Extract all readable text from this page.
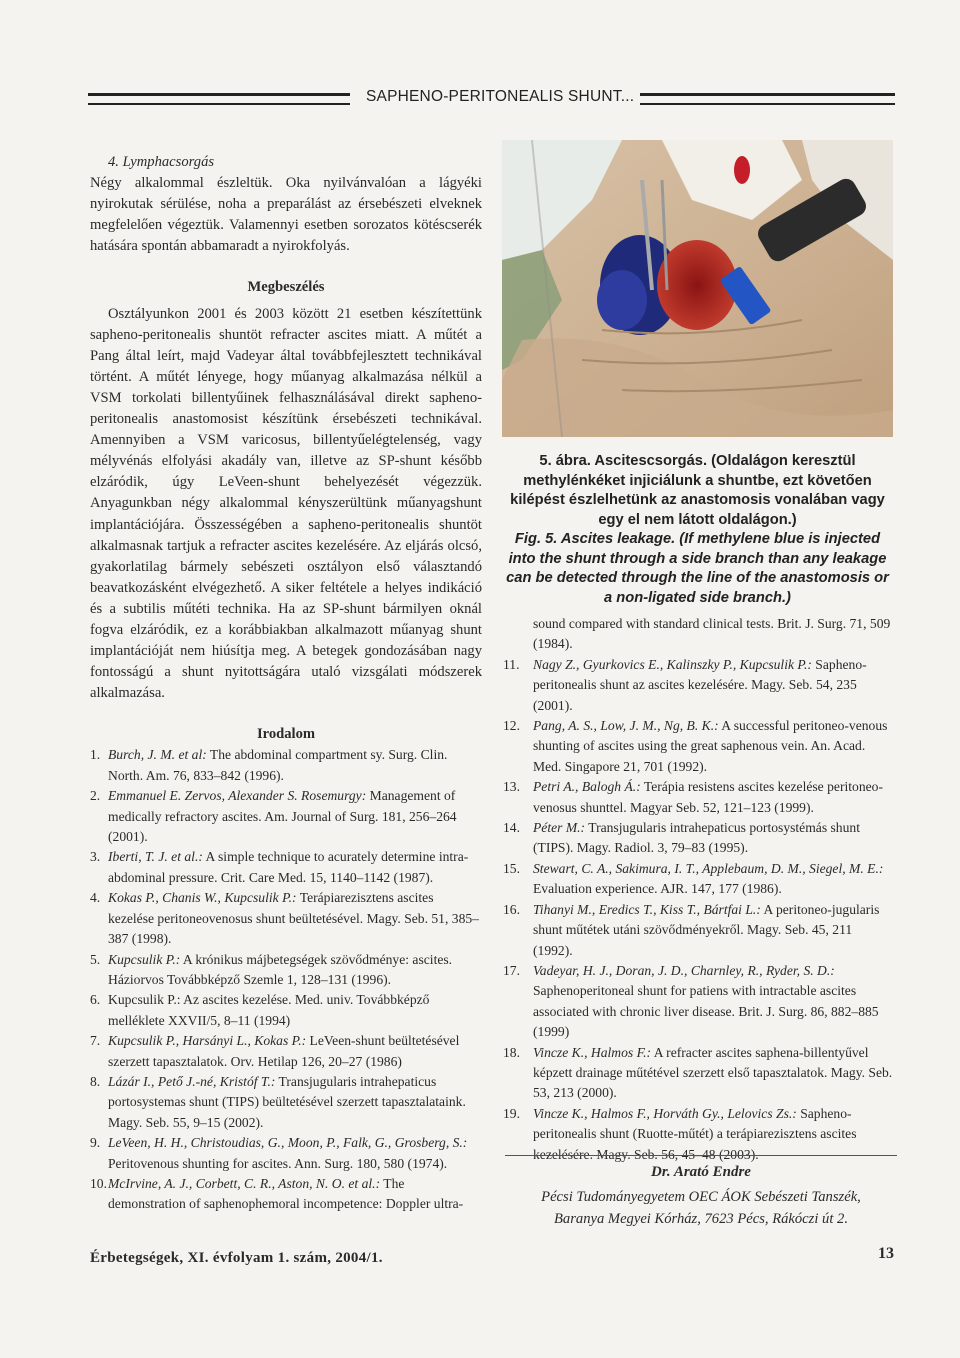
SAPHENO-PERITONEALIS SHUNT...

4. Lymphacsorgás

Négy alkalommal észleltük. Oka nyilvánvalóan a lágyéki nyirokutak sérülése, noha a preparálást az érsebészeti elveknek megfelelően végeztük. Valamennyi esetben sorozatos kötéscserék hatására spontán abbamaradt a nyirokfolyás.

Megbeszélés

Osztályunkon 2001 és 2003 között 21 esetben készítettünk sapheno-peritonealis shuntöt refracter ascites miatt. A műtét a Pang által leírt, majd Vadeyar által továbbfejlesztett technikával történt. A műtét lényege, hogy műanyag alkalmazása nélkül a VSM torkolati billentyűinek felhasználásával direkt sapheno-peritonealis anastomosist készítünk érsebészeti technikával. Amennyiben a VSM varicosus, billentyűelégtelenség, vagy mélyvénás elfolyási akadály van, illetve az SP-shunt később elzáródik, úgy LeVeen-shunt behelyezését végezzük. Anyagunkban négy alkalommal kényszerültünk műanyagshunt implantációjára. Összességében a sapheno-peritonealis shuntöt alkalmasnak tartjuk a refracter ascites kezelésére. Az eljárás olcsó, gyakorlatilag bármely sebészeti osztályon első választandó beavatkozásként elvégezhető. A siker feltétele a helyes indikáció és a subtilis műtéti technika. Ha az SP-shunt bármilyen oknál fogva elzáródik, ez a korábbiakban alkalmazott műanyag shunt implantációját nem hiúsítja meg. A betegek gondozásában nagy fontosságú a shunt nyitottságára utaló vizsgálati módszerek alkalmazása.

Irodalom

1. Burch, J. M. et al: The abdominal compartment sy. Surg. Clin. North. Am. 76, 833–842 (1996).
2. Emmanuel E. Zervos, Alexander S. Rosemurgy: Management of medically refractory ascites. Am. Journal of Surg. 181, 256–264 (2001).
3. Iberti, T. J. et al.: A simple technique to acurately determine intra-abdominal pressure. Crit. Care Med. 15, 1140–1142 (1987).
4. Kokas P., Chanis W., Kupcsulik P.: Terápiarezisztens ascites kezelése peritoneovenosus shunt beültetésével. Magy. Seb. 51, 385–387 (1998).
5. Kupcsulik P.: A krónikus májbetegségek szövődménye: ascites. Háziorvos Továbbképző Szemle 1, 128–131 (1996).
6. Kupcsulik P.: Az ascites kezelése. Med. univ. Továbbképző melléklete XXVII/5, 8–11 (1994)
7. Kupcsulik P., Harsányi L., Kokas P.: LeVeen-shunt beültetésével szerzett tapasztalatok. Orv. Hetilap 126, 20–27 (1986)
8. Lázár I., Pető J.-né, Kristóf T.: Transjugularis intrahepaticus portosystemas shunt (TIPS) beültetésével szerzett tapasztalataink. Magy. Seb. 55, 9–15 (2002).
9. LeVeen, H. H., Christoudias, G., Moon, P., Falk, G., Grosberg, S.: Peritovenous shunting for ascites. Ann. Surg. 180, 580 (1974).
10. McIrvine, A. J., Corbett, C. R., Aston, N. O. et al.: The demonstration of saphenophemoral incompetence: Doppler ultra-

5. ábra. Ascitescsorgás. (Oldalágon keresztül methylénkéket injiciálunk a shuntbe, ezt követően kilépést észlelhetünk az anastomosis vonalában vagy egy el nem látott oldalágon.)

Fig. 5. Ascites leakage. (If methylene blue is injected into the shunt through a side branch than any leakage can be detected through the line of the anastomosis or a non-ligated side branch.)

sound compared with standard clinical tests. Brit. J. Surg. 71, 509 (1984).
11. Nagy Z., Gyurkovics E., Kalinszky P., Kupcsulik P.: Sapheno-peritonealis shunt az ascites kezelésére. Magy. Seb. 54, 235 (2001).
12. Pang, A. S., Low, J. M., Ng, B. K.: A successful peritoneo-venous shunting of ascites using the great saphenous vein. An. Acad. Med. Singapore 21, 701 (1992).
13. Petri A., Balogh Á.: Terápia resistens ascites kezelése peritoneo-venosus shunttel. Magyar Seb. 52, 121–123 (1999).
14. Péter M.: Transjugularis intrahepaticus portosystémás shunt (TIPS). Magy. Radiol. 3, 79–83 (1995).
15. Stewart, C. A., Sakimura, I. T., Applebaum, D. M., Siegel, M. E.: Evaluation experience. AJR. 147, 177 (1986).
16. Tihanyi M., Eredics T., Kiss T., Bártfai L.: A peritoneo-jugularis shunt műtétek utáni szövődményekről. Magy. Seb. 45, 211 (1992).
17. Vadeyar, H. J., Doran, J. D., Charnley, R., Ryder, S. D.: Saphenoperitoneal shunt for patiens with intractable ascites associated with chronic liver disease. Brit. J. Surg. 86, 882–885 (1999)
18. Vincze K., Halmos F.: A refracter ascites saphena-billentyűvel képzett drainage műtétével szerzett első tapasztalatok. Magy. Seb. 53, 213 (2000).
19. Vincze K., Halmos F., Horváth Gy., Lelovics Zs.: Sapheno-peritonealis shunt (Ruotte-műtét) a terápiarezisztens ascites kezelésére. Magy. Seb. 56, 45–48 (2003).
Dr. Arató Endre

Pécsi Tudományegyetem OEC ÁOK Sebészeti Tanszék,

Baranya Megyei Kórház, 7623 Pécs, Rákóczi út 2.

Érbetegségek, XI. évfolyam 1. szám, 2004/1.	13
